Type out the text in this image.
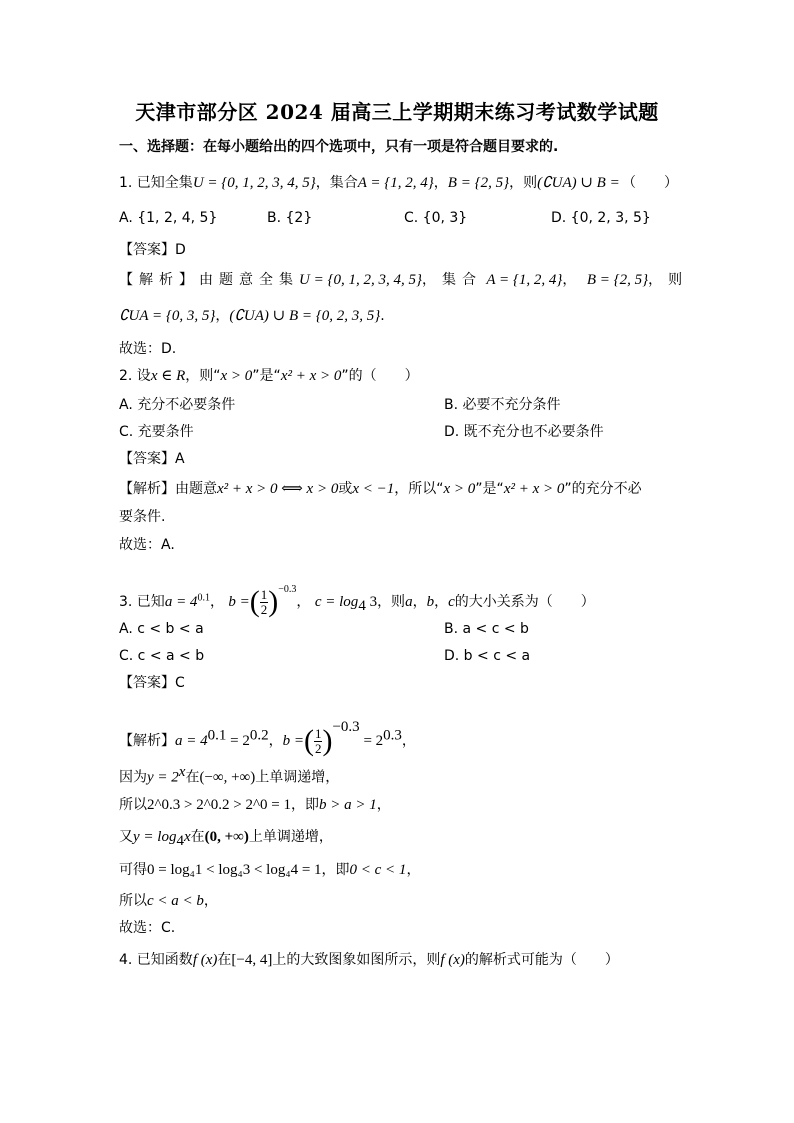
天津市部分区 2024 届高三上学期期末练习考试数学试题
一、选择题：在每小题给出的四个选项中，只有一项是符合题目要求的.
1. 已知全集U = {0, 1, 2, 3, 4, 5}，集合A = {1, 2, 4}，B = {2, 5}，则(∁UA) ∪ B = （　　）
A. {1, 2, 4, 5}	B. {2}	C. {0, 3}	D. {0, 2, 3, 5}
【答案】D
【解析】由题意全集U = {0, 1, 2, 3, 4, 5}，集合 A = {1, 2, 4}， B = {2, 5}，则
∁UA = {0, 3, 5}，(∁UA) ∪ B = {0, 2, 3, 5}.
故选：D.
2. 设x ∈ R，则“x > 0”是“x² + x > 0”的（　　）
A. 充分不必要条件	B. 必要不充分条件
C. 充要条件	D. 既不充分也不必要条件
【答案】A
【解析】由题意x² + x > 0 ⟺ x > 0或x < −1，所以“x > 0”是“x² + x > 0”的充分不必
要条件.
故选：A.
3. 已知$a = 4^{0.1}$， b =( $\frac{1}{2} )^{-0.3}$， $c = \log_4 3$，则a，b，c的大小关系为（　　）
A. c < b < a	B. a < c < b
C. c < a < b	D. b < c < a
【答案】C
【解析】$a = 4^{0.1} = 2^{0.2}$，b =( $\frac{1}{2} )^{-0.3} = 2^{0.3}$，
因为$y = 2^x$在(−∞, +∞)上单调递增，
所以2^0.3 > 2^0.2 > 2^0 = 1，即b > a > 1，
又$y = \log_4x$在(0, +∞)上单调递增，
可得0 = log₄1 < log₄3 < log₄4 = 1，即0 < c < 1，
所以c < a < b，
故选：C.
4. 已知函数f (x)在[−4, 4]上的大致图象如图所示，则f (x)的解析式可能为（　　）
